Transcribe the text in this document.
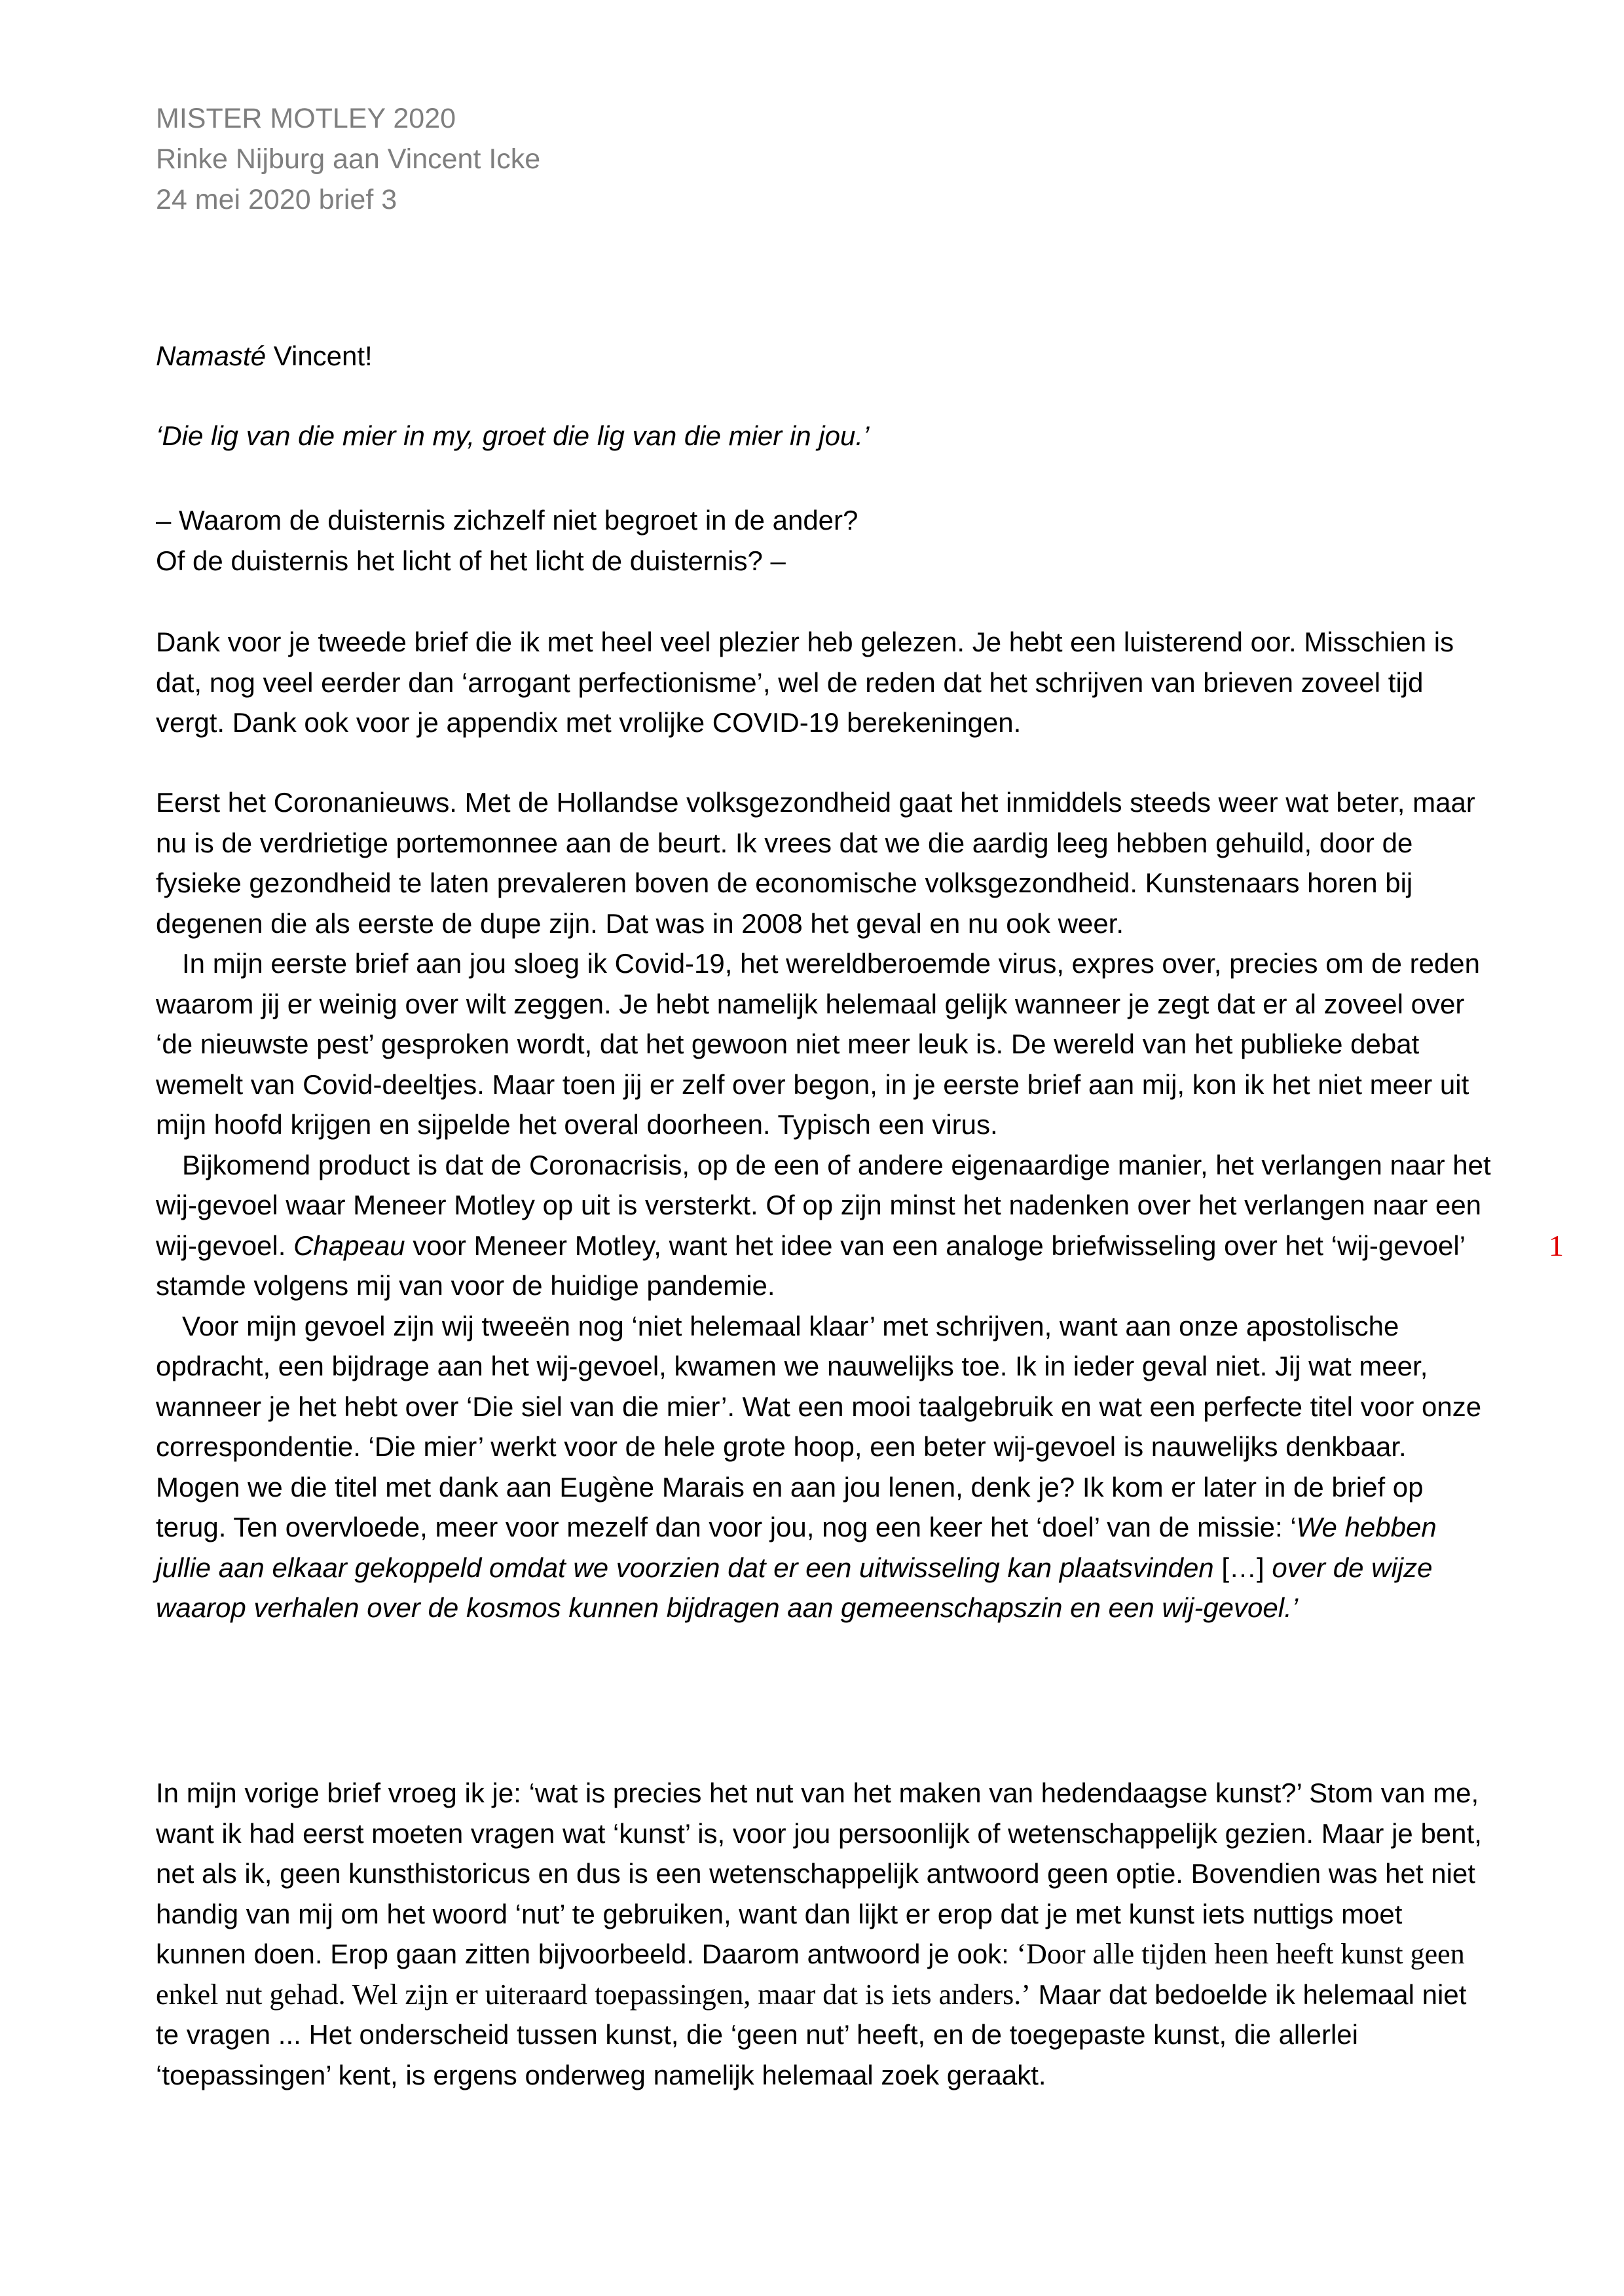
MISTER MOTLEY 2020

Rinke Nijburg aan Vincent Icke

24 mei 2020 brief 3

Namasté Vincent!

‘Die lig van die mier in my, groet die lig van die mier in jou.’

– Waarom de duisternis zichzelf niet begroet in de ander?

Of de duisternis het licht of het licht de duisternis? –

Dank voor je tweede brief die ik met heel veel plezier heb gelezen. Je hebt een luisterend oor. Misschien is dat, nog veel eerder dan ‘arrogant perfectionisme’, wel de reden dat het schrijven van brieven zoveel tijd vergt. Dank ook voor je appendix met vrolijke COVID-19 berekeningen.

Eerst het Coronanieuws. Met de Hollandse volksgezondheid gaat het inmiddels steeds weer wat beter, maar nu is de verdrietige portemonnee aan de beurt. Ik vrees dat we die aardig leeg hebben gehuild, door de fysieke gezondheid te laten prevaleren boven de economische volksgezondheid. Kunstenaars horen bij degenen die als eerste de dupe zijn. Dat was in 2008 het geval en nu ook weer.

In mijn eerste brief aan jou sloeg ik Covid-19, het wereldberoemde virus, expres over, precies om de reden waarom jij er weinig over wilt zeggen. Je hebt namelijk helemaal gelijk wanneer je zegt dat er al zoveel over ‘de nieuwste pest’ gesproken wordt, dat het gewoon niet meer leuk is. De wereld van het publieke debat wemelt van Covid-deeltjes. Maar toen jij er zelf over begon, in je eerste brief aan mij, kon ik het niet meer uit mijn hoofd krijgen en sijpelde het overal doorheen. Typisch een virus.

Bijkomend product is dat de Coronacrisis, op de een of andere eigenaardige manier, het verlangen naar het wij-gevoel waar Meneer Motley op uit is versterkt. Of op zijn minst het nadenken over het verlangen naar een wij-gevoel. Chapeau voor Meneer Motley, want het idee van een analoge briefwisseling over het ‘wij-gevoel’ stamde volgens mij van voor de huidige pandemie.

Voor mijn gevoel zijn wij tweeën nog ‘niet helemaal klaar’ met schrijven, want aan onze apostolische opdracht, een bijdrage aan het wij-gevoel, kwamen we nauwelijks toe. Ik in ieder geval niet. Jij wat meer, wanneer je het hebt over ‘Die siel van die mier’. Wat een mooi taalgebruik en wat een perfecte titel voor onze correspondentie. ‘Die mier’ werkt voor de hele grote hoop, een beter wij-gevoel is nauwelijks denkbaar. Mogen we die titel met dank aan Eugène Marais en aan jou lenen, denk je? Ik kom er later in de brief op terug. Ten overvloede, meer voor mezelf dan voor jou, nog een keer het ‘doel’ van de missie: ‘We hebben jullie aan elkaar gekoppeld omdat we voorzien dat er een uitwisseling kan plaatsvinden […] over de wijze waarop verhalen over de kosmos kunnen bijdragen aan gemeenschapszin en een wij-gevoel.’

In mijn vorige brief vroeg ik je: ‘wat is precies het nut van het maken van hedendaagse kunst?’ Stom van me, want ik had eerst moeten vragen wat ‘kunst’ is, voor jou persoonlijk of wetenschappelijk gezien. Maar je bent, net als ik, geen kunsthistoricus en dus is een wetenschappelijk antwoord geen optie. Bovendien was het niet handig van mij om het woord ‘nut’ te gebruiken, want dan lijkt er erop dat je met kunst iets nuttigs moet kunnen doen. Erop gaan zitten bijvoorbeeld. Daarom antwoord je ook: ‘Door alle tijden heen heeft kunst geen enkel nut gehad. Wel zijn er uiteraard toepassingen, maar dat is iets anders.’ Maar dat bedoelde ik helemaal niet te vragen ... Het onderscheid tussen kunst, die ‘geen nut’ heeft, en de toegepaste kunst, die allerlei ‘toepassingen’ kent, is ergens onderweg namelijk helemaal zoek geraakt.

1
